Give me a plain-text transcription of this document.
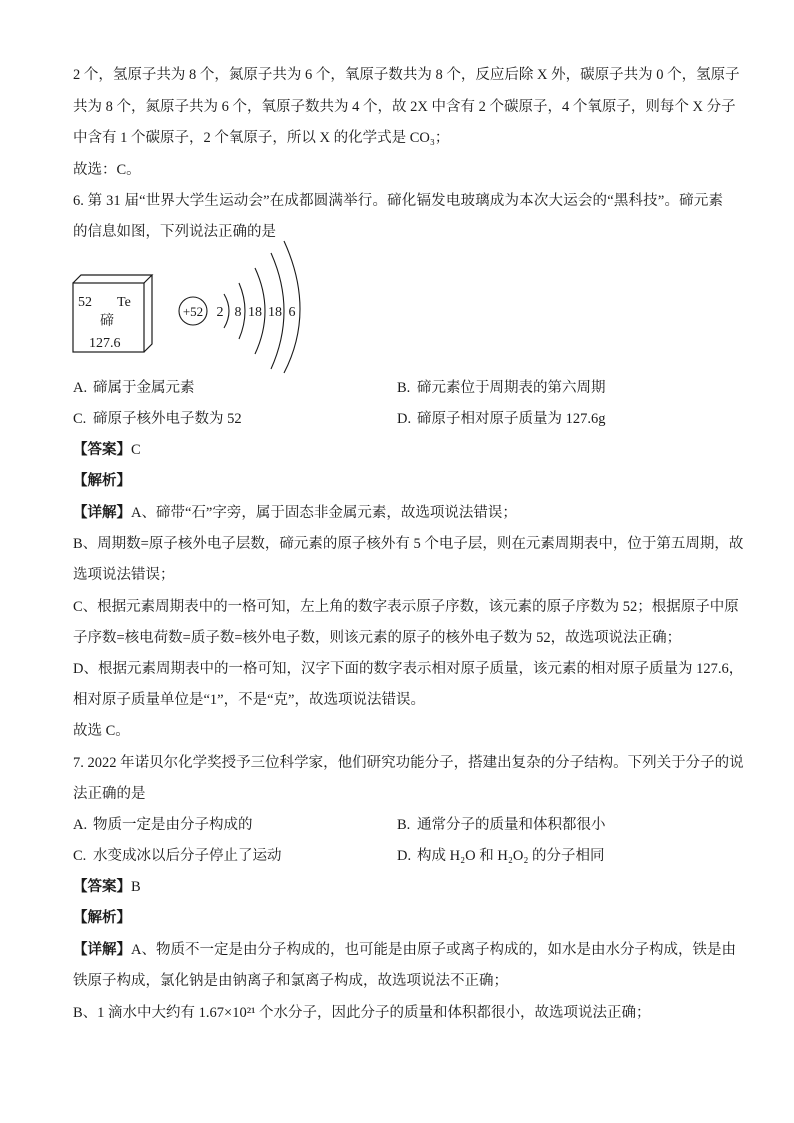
2 个，氢原子共为 8 个，氮原子共为 6 个，氧原子数共为 8 个，反应后除 X 外，碳原子共为 0 个，氢原子
共为 8 个，氮原子共为 6 个，氧原子数共为 4 个，故 2X 中含有 2 个碳原子，4 个氧原子，则每个 X 分子
中含有 1 个碳原子，2 个氧原子，所以 X 的化学式是 CO₃；
故选：C。
6. 第 31 届“世界大学生运动会”在成都圆满举行。碲化镉发电玻璃成为本次大运会的“黑科技”。碲元素
的信息如图，下列说法正确的是
52 Te
碲
127.6
+52 2 8 18 18 6
A. 碲属于金属元素	B. 碲元素位于周期表的第六周期
C. 碲原子核外电子数为 52	D. 碲原子相对原子质量为 127.6g
【答案】C
【解析】
【详解】A、碲带“石”字旁，属于固态非金属元素，故选项说法错误；
B、周期数=原子核外电子层数，碲元素的原子核外有 5 个电子层，则在元素周期表中，位于第五周期，故
选项说法错误；
C、根据元素周期表中的一格可知，左上角的数字表示原子序数，该元素的原子序数为 52；根据原子中原
子序数=核电荷数=质子数=核外电子数，则该元素的原子的核外电子数为 52，故选项说法正确；
D、根据元素周期表中的一格可知，汉字下面的数字表示相对原子质量，该元素的相对原子质量为 127.6，
相对原子质量单位是“1”，不是“克”，故选项说法错误。
故选 C。
7. 2022 年诺贝尔化学奖授予三位科学家，他们研究功能分子，搭建出复杂的分子结构。下列关于分子的说
法正确的是
A. 物质一定是由分子构成的	B. 通常分子的质量和体积都很小
C. 水变成冰以后分子停止了运动	D. 构成 H₂O 和 H₂O₂ 的分子相同
【答案】B
【解析】
【详解】A、物质不一定是由分子构成的，也可能是由原子或离子构成的，如水是由水分子构成，铁是由
铁原子构成，氯化钠是由钠离子和氯离子构成，故选项说法不正确；
B、1 滴水中大约有 1.67×10²¹ 个水分子，因此分子的质量和体积都很小，故选项说法正确；
